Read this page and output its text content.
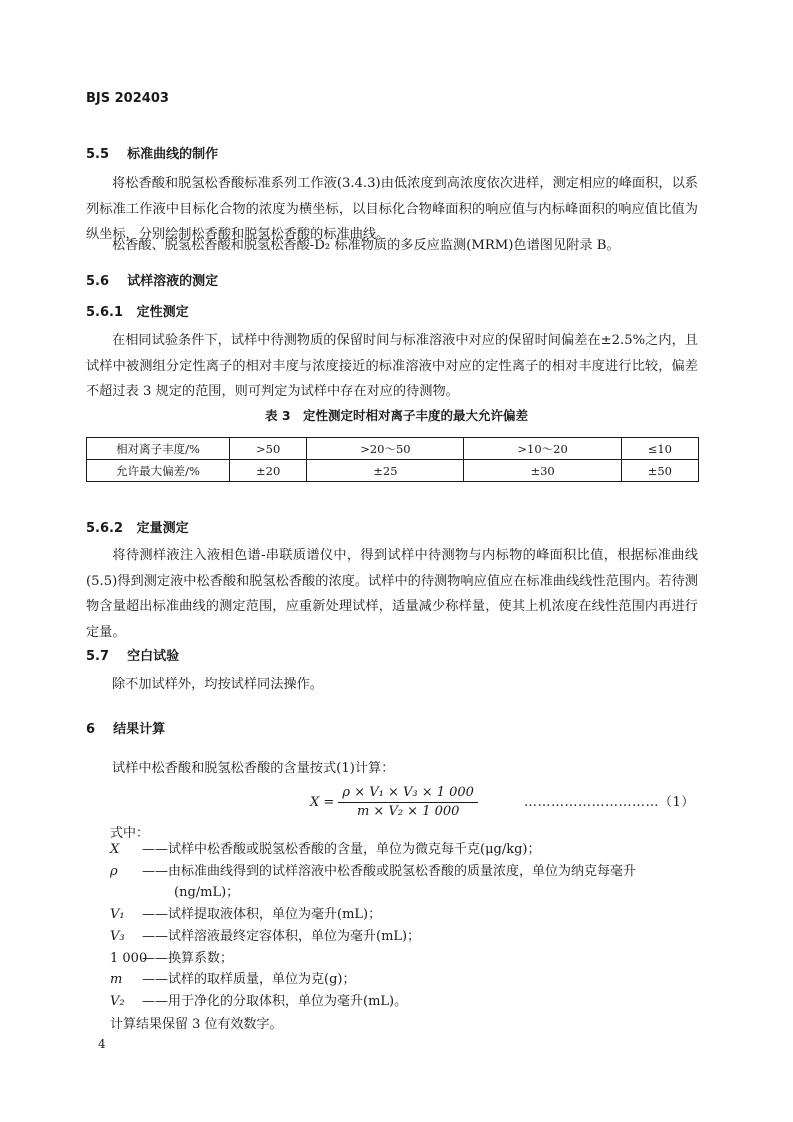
BJS 202403
5.5 标准曲线的制作
将松香酸和脱氢松香酸标准系列工作液(3.4.3)由低浓度到高浓度依次进样，测定相应的峰面积，以系列标准工作液中目标化合物的浓度为横坐标，以目标化合物峰面积的响应值与内标峰面积的响应值比值为纵坐标，分别绘制松香酸和脱氢松香酸的标准曲线。
松香酸、脱氢松香酸和脱氢松香酸-D₂ 标准物质的多反应监测(MRM)色谱图见附录 B。
5.6 试样溶液的测定
5.6.1 定性测定
在相同试验条件下，试样中待测物质的保留时间与标准溶液中对应的保留时间偏差在±2.5%之内，且试样中被测组分定性离子的相对丰度与浓度接近的标准溶液中对应的定性离子的相对丰度进行比较，偏差不超过表 3 规定的范围，则可判定为试样中存在对应的待测物。
表 3　定性测定时相对离子丰度的最大允许偏差
相对离子丰度/%	>50	>20～50	>10～20	≤10
允许最大偏差/%	±20	±25	±30	±50
5.6.2 定量测定
将待测样液注入液相色谱-串联质谱仪中，得到试样中待测物与内标物的峰面积比值，根据标准曲线(5.5)得到测定液中松香酸和脱氢松香酸的浓度。试样中的待测物响应值应在标准曲线线性范围内。若待测物含量超出标准曲线的测定范围，应重新处理试样，适量减少称样量，使其上机浓度在线性范围内再进行定量。
5.7 空白试验
除不加试样外，均按试样同法操作。
6 结果计算
试样中松香酸和脱氢松香酸的含量按式(1)计算：
$X = \frac{\text{ρ × V₁ × V₃ × 1 000}}{\text{m × V₂ × 1 000}}$	…………………………（1）
式中：
X ——试样中松香酸或脱氢松香酸的含量，单位为微克每千克(μg/kg)；
ρ ——由标准曲线得到的试样溶液中松香酸或脱氢松香酸的质量浓度，单位为纳克每毫升
(ng/mL)；
V₁ ——试样提取液体积，单位为毫升(mL)；
V₃ ——试样溶液最终定容体积，单位为毫升(mL)；
1 000——换算系数；
m ——试样的取样质量，单位为克(g)；
V₂ ——用于净化的分取体积，单位为毫升(mL)。
计算结果保留 3 位有效数字。
4
